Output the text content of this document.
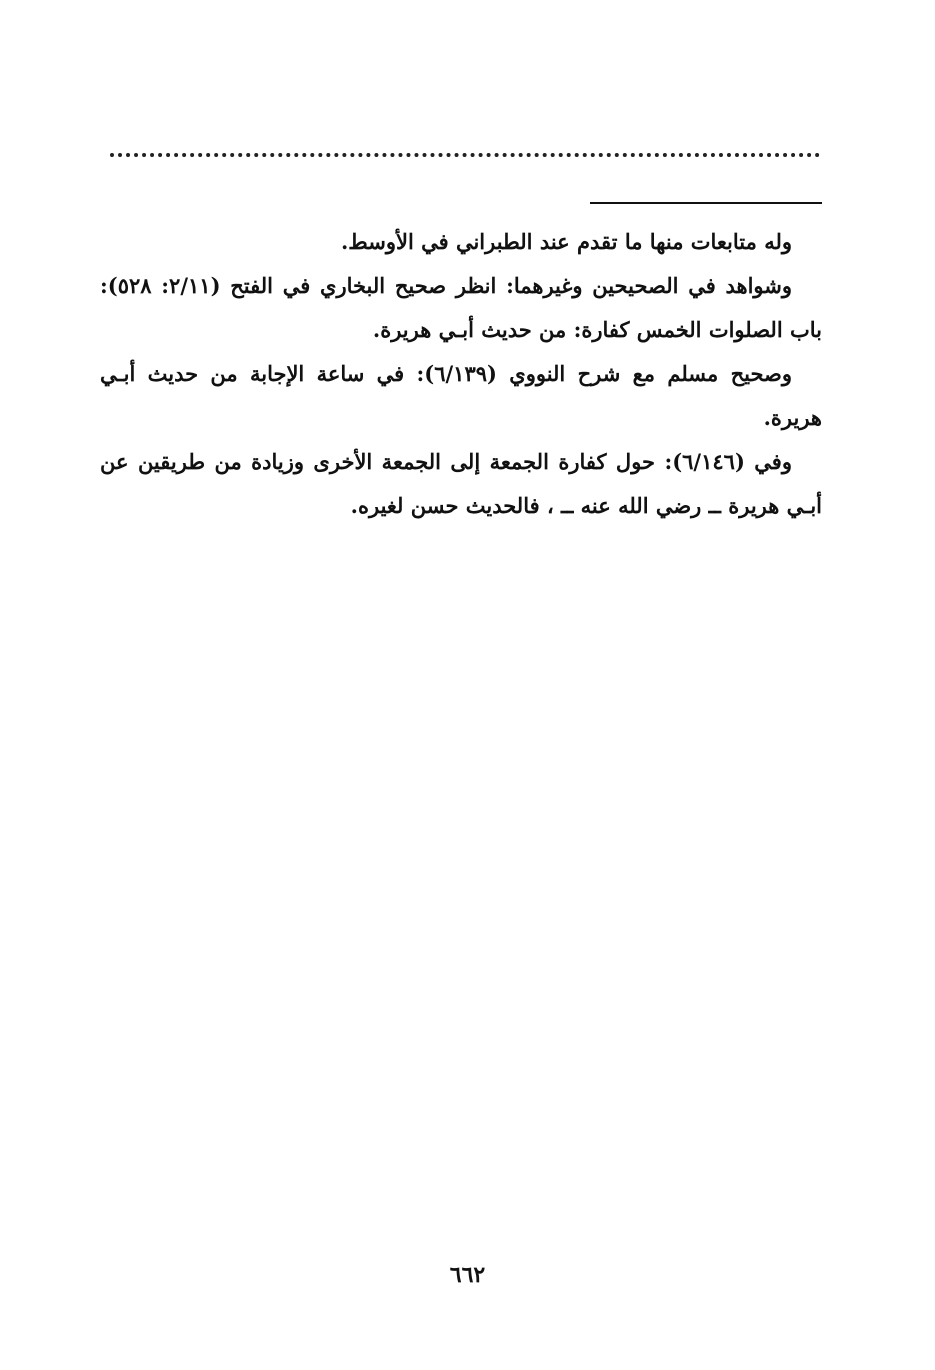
وله متابعات منها ما تقدم عند الطبراني في الأوسط.

وشواهد في الصحيحين وغيرهما: انظر صحيح البخاري في الفتح (٢/١١: ٥٢٨): باب الصلوات الخمس كفارة: من حديث أبـي هريرة.

وصحيح مسلم مع شرح النووي (٦/١٣٩): في ساعة الإجابة من حديث أبـي هريرة.

وفي (٦/١٤٦): حول كفارة الجمعة إلى الجمعة الأخرى وزيادة من طريقين عن أبـي هريرة ــ رضي الله عنه ــ ، فالحديث حسن لغيره.

٦٦٢
